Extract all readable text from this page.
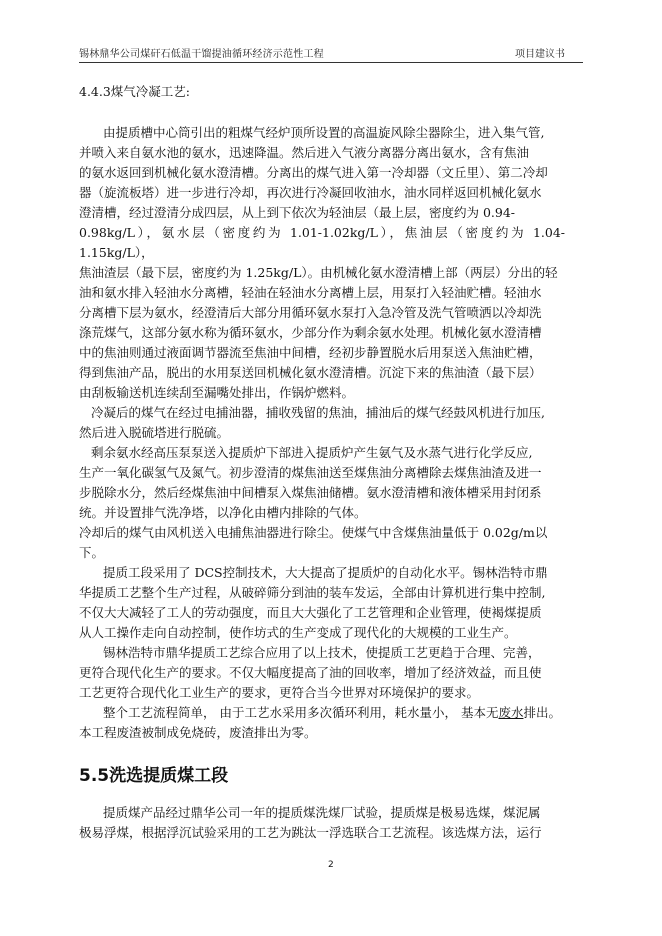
锡林鼎华公司煤矸石低温干馏提油循环经济示范性工程	项目建议书
4.4.3煤气冷凝工艺:

由提质槽中心筒引出的粗煤气经炉顶所设置的高温旋风除尘器除尘，进入集气管,

并喷入来自氨水池的氨水，迅速降温。然后进入气液分离器分离出氨水，含有焦油

的氨水返回到机械化氨水澄清槽。分离出的煤气进入第一冷却器（文丘里）、第二冷却

器（旋流板塔）进一步进行冷却，再次进行冷凝回收油水，油水同样返回机械化氨水

澄清槽，经过澄清分成四层，从上到下依次为轻油层（最上层，密度约为 0.94-

0.98kg/L），氨水层（密度约为 1.01-1.02kg/L），焦油层（密度约为 1.04-1.15kg/L），

焦油渣层（最下层，密度约为 1.25kg/L）。由机械化氨水澄清槽上部（两层）分出的轻

油和氨水排入轻油水分离槽，轻油在轻油水分离槽上层，用泵打入轻油贮槽。轻油水

分离槽下层为氨水，经澄清后大部分用循环氨水泵打入急冷管及洗气管喷洒以冷却洗

涤荒煤气，这部分氨水称为循环氨水，少部分作为剩余氨水处理。机械化氨水澄清槽

中的焦油则通过液面调节器流至焦油中间槽，经初步静置脱水后用泵送入焦油贮槽，

得到焦油产品，脱出的水用泵送回机械化氨水澄清槽。沉淀下来的焦油渣（最下层）

由刮板输送机连续刮至漏嘴处排出，作锅炉燃料。

冷凝后的煤气在经过电捕油器，捕收残留的焦油，捕油后的煤气经鼓风机进行加压,

然后进入脱硫塔进行脱硫。

剩余氨水经高压泵泵送入提质炉下部进入提质炉产生氨气及水蒸气进行化学反应,

生产一氧化碳氢气及氮气。初步澄清的煤焦油送至煤焦油分离槽除去煤焦油渣及进一

步脱除水分，然后经煤焦油中间槽泵入煤焦油储槽。氨水澄清槽和液体槽采用封闭系

统。并设置排气洗净塔，以净化由槽内排除的气体。

冷却后的煤气由风机送入电捕焦油器进行除尘。使煤气中含煤焦油量低于 0.02g/m以

下。

提质工段采用了 DCS控制技术，大大提高了提质炉的自动化水平。锡林浩特市鼎

华提质工艺整个生产过程，从破碎筛分到油的装车发运，全部由计算机进行集中控制,

不仅大大减轻了工人的劳动强度，而且大大强化了工艺管理和企业管理，使褐煤提质

从人工操作走向自动控制，使作坊式的生产变成了现代化的大规模的工业生产。

锡林浩特市鼎华提质工艺综合应用了以上技术，使提质工艺更趋于合理、完善，

更符合现代化生产的要求。不仅大幅度提高了油的回收率，增加了经济效益，而且使

工艺更符合现代化工业生产的要求，更符合当今世界对环境保护的要求。

整个工艺流程简单， 由于工艺水采用多次循环利用，耗水量小， 基本无废水排出。

本工程废渣被制成免烧砖，废渣排出为零。

5.5洗选提质煤工段

提质煤产品经过鼎华公司一年的提质煤洗煤厂试验，提质煤是极易选煤，煤泥属

极易浮煤，根据浮沉试验采用的工艺为跳汰一浮选联合工艺流程。该选煤方法，运行

2
